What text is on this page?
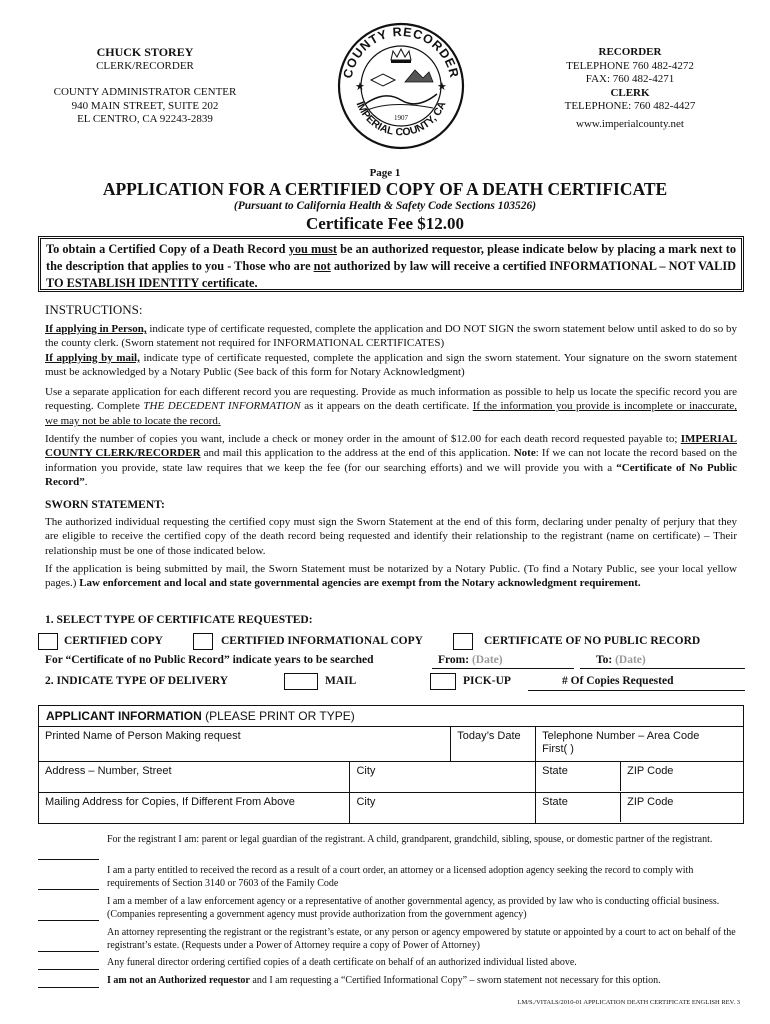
CHUCK STOREY
CLERK/RECORDER
COUNTY ADMINISTRATOR CENTER
940 MAIN STREET, SUITE 202
EL CENTRO, CA 92243-2839
COUNTY RECORDER
IMPERIAL COUNTY, CA
★	★
1907
RECORDER
TELEPHONE 760 482-4272
FAX: 760 482-4271
CLERK
TELEPHONE: 760 482-4427
www.imperialcounty.net
Page 1
APPLICATION FOR A CERTIFIED COPY OF A DEATH CERTIFICATE
(Pursuant to California Health & Safety Code Sections 103526)
Certificate Fee $12.00
To obtain a Certified Copy of a Death Record you must be an authorized requestor, please indicate below by placing a mark next to the description that applies to you - Those who are not authorized by law will receive a certified INFORMATIONAL – NOT VALID TO ESTABLISH IDENTITY certificate.
INSTRUCTIONS:
If applying in Person, indicate type of certificate requested, complete the application and DO NOT SIGN the sworn statement below until asked to do so by the county clerk. (Sworn statement not required for INFORMATIONAL CERTIFICATES)
If applying by mail, indicate type of certificate requested, complete the application and sign the sworn statement. Your signature on the sworn statement must be acknowledged by a Notary Public (See back of this form for Notary Acknowledgment)
Use a separate application for each different record you are requesting. Provide as much information as possible to help us locate the specific record you are requesting. Complete THE DECEDENT INFORMATION as it appears on the death certificate. If the information you provide is incomplete or inaccurate, we may not be able to locate the record.
Identify the number of copies you want, include a check or money order in the amount of $12.00 for each death record requested payable to; IMPERIAL COUNTY CLERK/RECORDER and mail this application to the address at the end of this application. Note: If we can not locate the record based on the information you provide, state law requires that we keep the fee (for our searching efforts) and we will provide you with a “Certificate of No Public Record”.
SWORN STATEMENT:
The authorized individual requesting the certified copy must sign the Sworn Statement at the end of this form, declaring under penalty of perjury that they are eligible to receive the certified copy of the death record being requested and identify their relationship to the registrant (name on certificate) – Their relationship must be one of those indicated below.
If the application is being submitted by mail, the Sworn Statement must be notarized by a Notary Public. (To find a Notary Public, see your local yellow pages.) Law enforcement and local and state governmental agencies are exempt from the Notary acknowledgment requirement.
1. SELECT TYPE OF CERTIFICATE REQUESTED:
CERTIFIED COPY	CERTIFIED INFORMATIONAL COPY	CERTIFICATE OF NO PUBLIC RECORD
For “Certificate of no Public Record” indicate years to be searched	From: (Date)	To: (Date)
2. INDICATE TYPE OF DELIVERY	MAIL	PICK-UP	# Of Copies Requested
APPLICANT INFORMATION (PLEASE PRINT OR TYPE)
Printed Name of Person Making request		Today’s Date	Telephone Number – Area Code
First( )

Address – Number, Street	City		State ZIP Code

Mailing Address for Copies, If Different From Above	City		State ZIP Code
For the registrant I am: parent or legal guardian of the registrant. A child, grandparent, grandchild, sibling, spouse, or domestic partner of the registrant.
I am a party entitled to received the record as a result of a court order, an attorney or a licensed adoption agency seeking the record to comply with requirements of Section 3140 or 7603 of the Family Code
I am a member of a law enforcement agency or a representative of another governmental agency, as provided by law who is conducting official business. (Companies representing a government agency must provide authorization from the government agency)
An attorney representing the registrant or the registrant’s estate, or any person or agency empowered by statute or appointed by a court to act on behalf of the registrant’s estate. (Requests under a Power of Attorney require a copy of Power of Attorney)
Any funeral director ordering certified copies of a death certificate on behalf of an authorized individual listed above.
I am not an Authorized requestor and I am requesting a “Certified Informational Copy” – sworn statement not necessary for this option.
LM/S./VITALS/2010-01 APPLICATION DEATH CERTIFICATE ENGLISH REV. 3
